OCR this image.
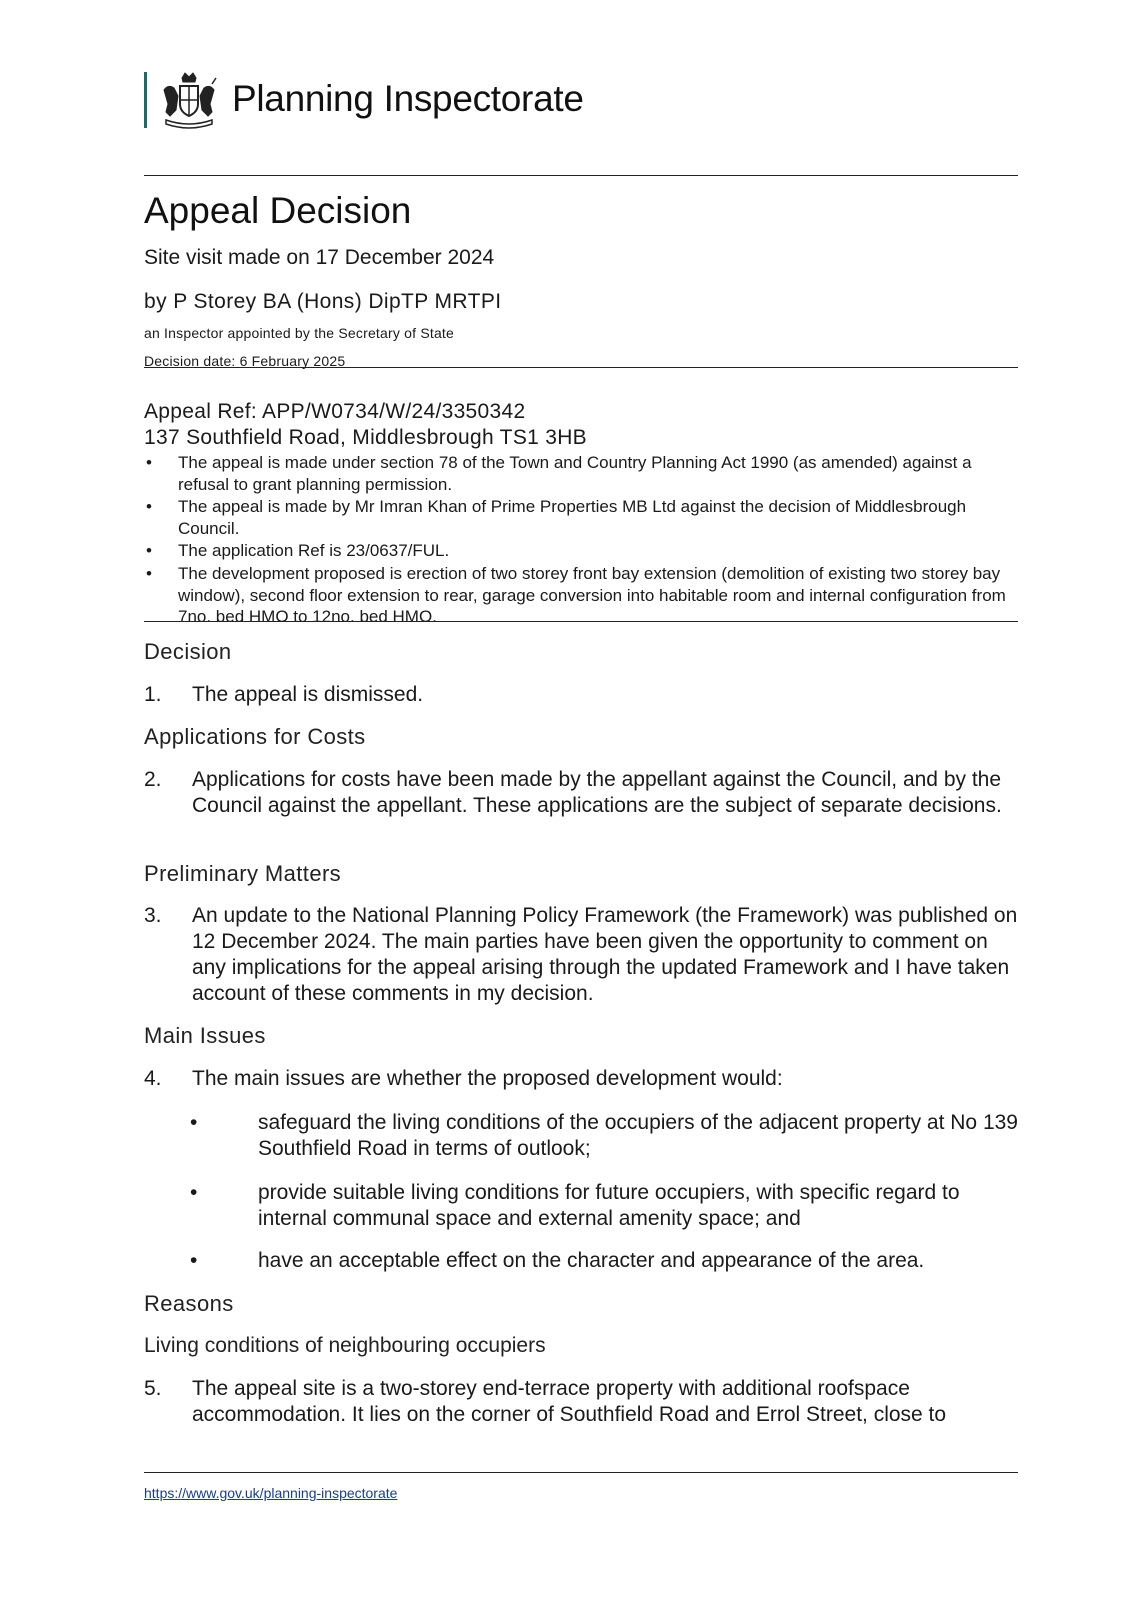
Planning Inspectorate
Appeal Decision
Site visit made on 17 December 2024
by P Storey BA (Hons) DipTP MRTPI
an Inspector appointed by the Secretary of State
Decision date: 6 February 2025
Appeal Ref: APP/W0734/W/24/3350342
137 Southfield Road, Middlesbrough TS1 3HB
• The appeal is made under section 78 of the Town and Country Planning Act 1990 (as amended) against a refusal to grant planning permission.
• The appeal is made by Mr Imran Khan of Prime Properties MB Ltd against the decision of Middlesbrough Council.
• The application Ref is 23/0637/FUL.
• The development proposed is erection of two storey front bay extension (demolition of existing two storey bay window), second floor extension to rear, garage conversion into habitable room and internal configuration from 7no. bed HMO to 12no. bed HMO.
Decision
1. The appeal is dismissed.
Applications for Costs
2. Applications for costs have been made by the appellant against the Council, and by the Council against the appellant. These applications are the subject of separate decisions.
Preliminary Matters
3. An update to the National Planning Policy Framework (the Framework) was published on 12 December 2024. The main parties have been given the opportunity to comment on any implications for the appeal arising through the updated Framework and I have taken account of these comments in my decision.
Main Issues
4. The main issues are whether the proposed development would:
•	safeguard the living conditions of the occupiers of the adjacent property at No 139 Southfield Road in terms of outlook;
•	provide suitable living conditions for future occupiers, with specific regard to internal communal space and external amenity space; and
•	have an acceptable effect on the character and appearance of the area.
Reasons
Living conditions of neighbouring occupiers
5. The appeal site is a two-storey end-terrace property with additional roofspace accommodation. It lies on the corner of Southfield Road and Errol Street, close to
https://www.gov.uk/planning-inspectorate
